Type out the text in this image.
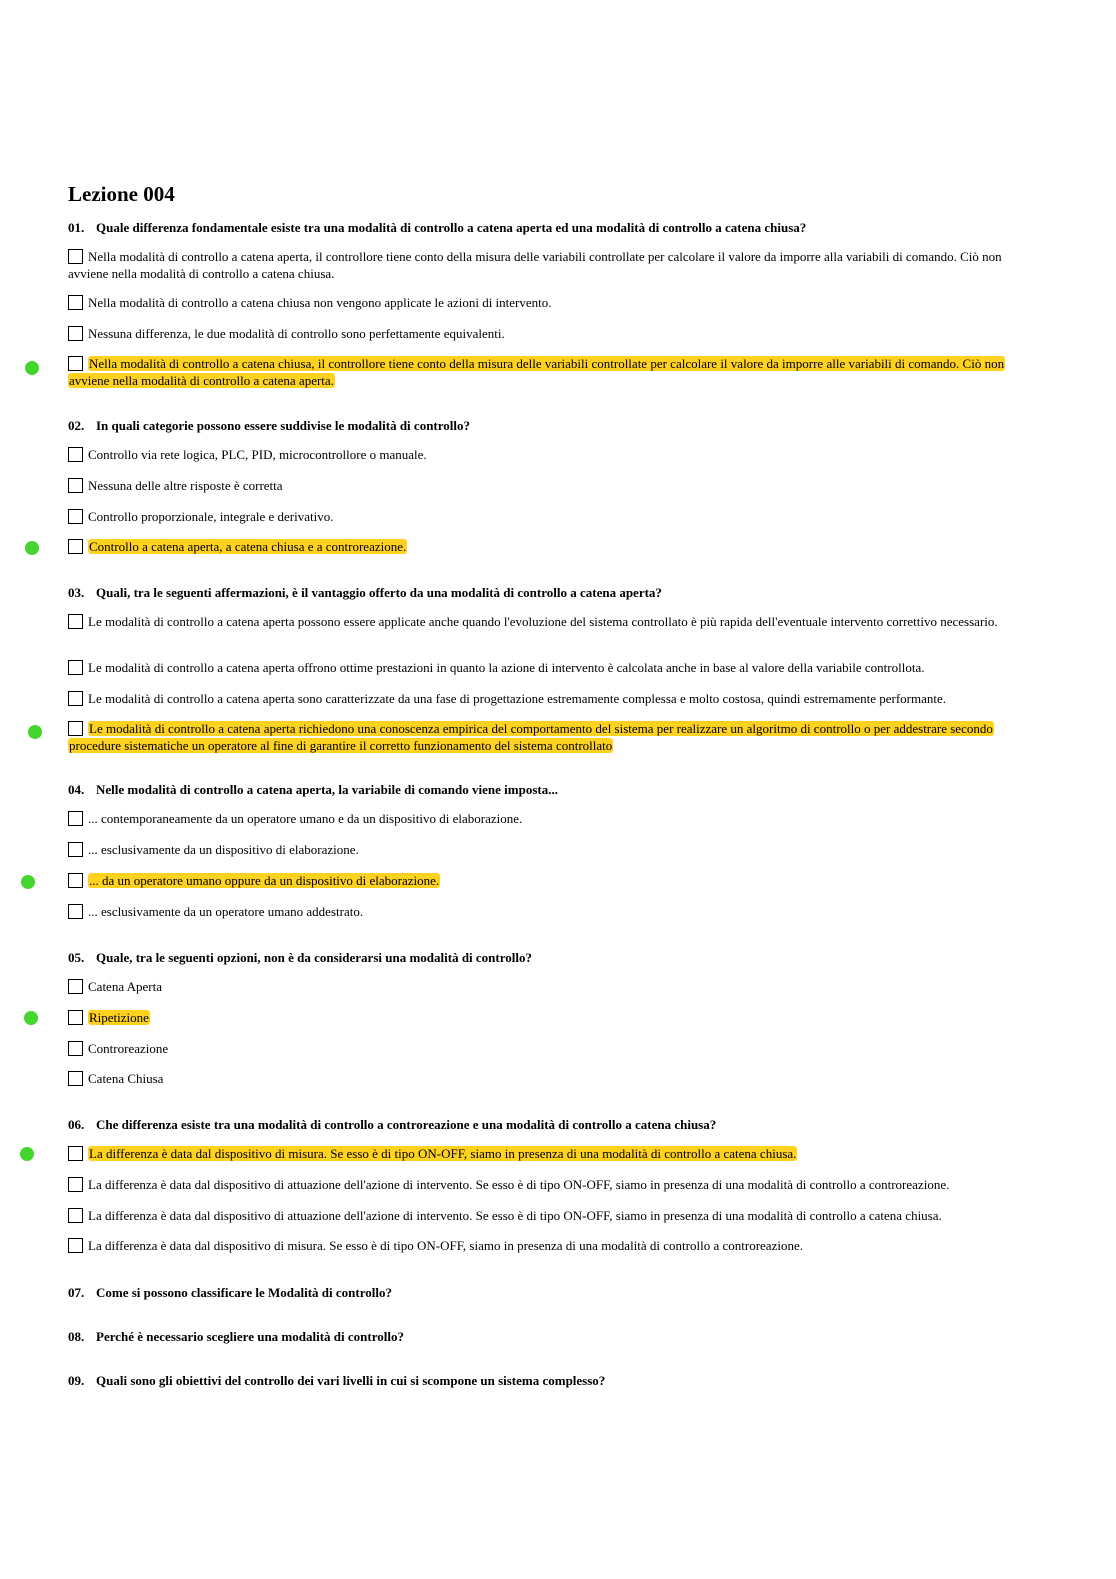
Lezione 004
01. Quale differenza fondamentale esiste tra una modalità di controllo a catena aperta ed una modalità di controllo a catena chiusa?
Nella modalità di controllo a catena aperta, il controllore tiene conto della misura delle variabili controllate per calcolare il valore da imporre alla variabili di comando. Ciò non avviene nella modalità di controllo a catena chiusa.
Nella modalità di controllo a catena chiusa non vengono applicate le azioni di intervento.
Nessuna differenza, le due modalità di controllo sono perfettamente equivalenti.
Nella modalità di controllo a catena chiusa, il controllore tiene conto della misura delle variabili controllate per calcolare il valore da imporre alle variabili di comando. Ciò non avviene nella modalità di controllo a catena aperta.
02. In quali categorie possono essere suddivise le modalità di controllo?
Controllo via rete logica, PLC, PID, microcontrollore o manuale.
Nessuna delle altre risposte è corretta
Controllo proporzionale, integrale e derivativo.
Controllo a catena aperta, a catena chiusa e a controreazione.
03. Quali, tra le seguenti affermazioni, è il vantaggio offerto da una modalità di controllo a catena aperta?
Le modalità di controllo a catena aperta possono essere applicate anche quando l'evoluzione del sistema controllato è più rapida dell'eventuale intervento correttivo necessario.
Le modalità di controllo a catena aperta offrono ottime prestazioni in quanto la azione di intervento è calcolata anche in base al valore della variabile controllota.
Le modalità di controllo a catena aperta sono caratterizzate da una fase di progettazione estremamente complessa e molto costosa, quindi estremamente performante.
Le modalità di controllo a catena aperta richiedono una conoscenza empirica del comportamento del sistema per realizzare un algoritmo di controllo o per addestrare secondo procedure sistematiche un operatore al fine di garantire il corretto funzionamento del sistema controllato
04. Nelle modalità di controllo a catena aperta, la variabile di comando viene imposta...
... contemporaneamente da un operatore umano e da un dispositivo di elaborazione.
... esclusivamente da un dispositivo di elaborazione.
... da un operatore umano oppure da un dispositivo di elaborazione.
... esclusivamente da un operatore umano addestrato.
05. Quale, tra le seguenti opzioni, non è da considerarsi una modalità di controllo?
Catena Aperta
Ripetizione
Controreazione
Catena Chiusa
06. Che differenza esiste tra una modalità di controllo a controreazione e una modalità di controllo a catena chiusa?
La differenza è data dal dispositivo di misura. Se esso è di tipo ON-OFF, siamo in presenza di una modalità di controllo a catena chiusa.
La differenza è data dal dispositivo di attuazione dell'azione di intervento. Se esso è di tipo ON-OFF, siamo in presenza di una modalità di controllo a controreazione.
La differenza è data dal dispositivo di attuazione dell'azione di intervento. Se esso è di tipo ON-OFF, siamo in presenza di una modalità di controllo a catena chiusa.
La differenza è data dal dispositivo di misura. Se esso è di tipo ON-OFF, siamo in presenza di una modalità di controllo a controreazione.
07. Come si possono classificare le Modalità di controllo?
08. Perché è necessario scegliere una modalità di controllo?
09. Quali sono gli obiettivi del controllo dei vari livelli in cui si scompone un sistema complesso?
